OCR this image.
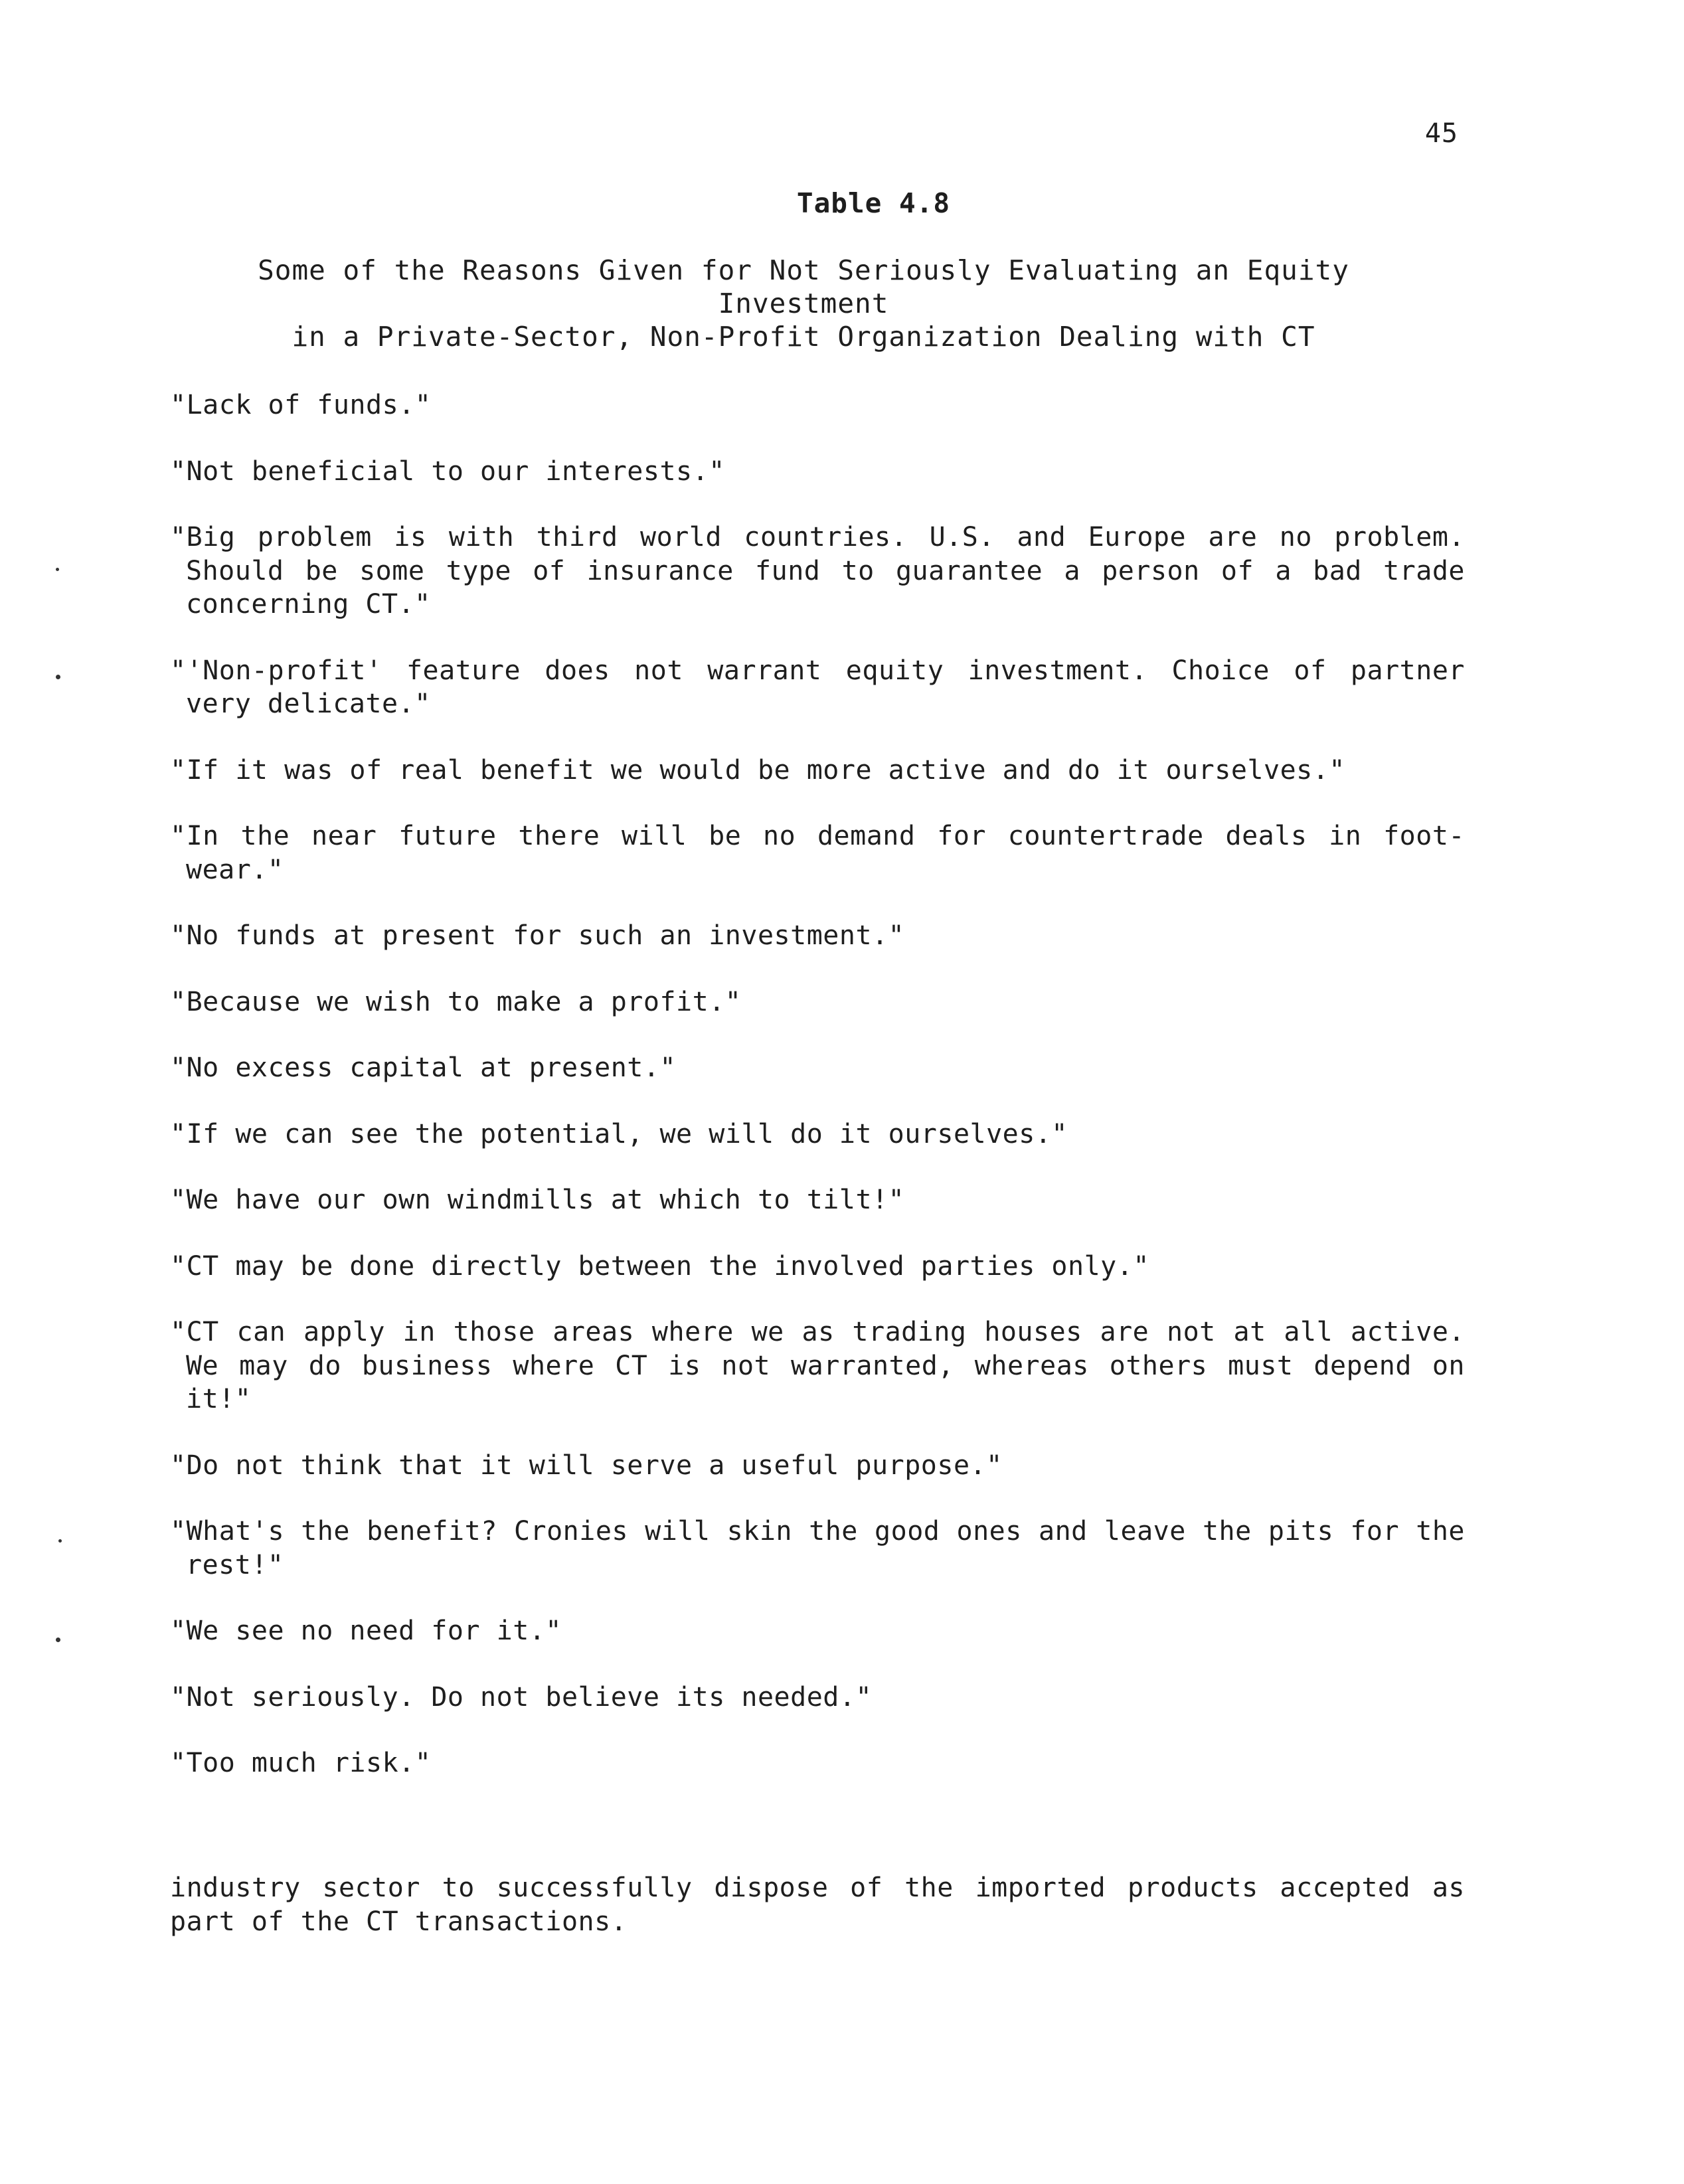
45
Table 4.8
Some of the Reasons Given for Not Seriously Evaluating an Equity Investment
in a Private-Sector, Non-Profit Organization Dealing with CT
"Lack of funds."
"Not beneficial to our interests."
"Big problem is with third world countries. U.S. and Europe are no problem. Should be some type of insurance fund to guarantee a person of a bad trade concerning CT."
"'Non-profit' feature does not warrant equity investment. Choice of partner very delicate."
"If it was of real benefit we would be more active and do it ourselves."
"In the near future there will be no demand for countertrade deals in foot-wear."
"No funds at present for such an investment."
"Because we wish to make a profit."
"No excess capital at present."
"If we can see the potential, we will do it ourselves."
"We have our own windmills at which to tilt!"
"CT may be done directly between the involved parties only."
"CT can apply in those areas where we as trading houses are not at all active. We may do business where CT is not warranted, whereas others must depend on it!"
"Do not think that it will serve a useful purpose."
"What's the benefit? Cronies will skin the good ones and leave the pits for the rest!"
"We see no need for it."
"Not seriously. Do not believe its needed."
"Too much risk."
industry sector to successfully dispose of the imported products accepted as part of the CT transactions.
